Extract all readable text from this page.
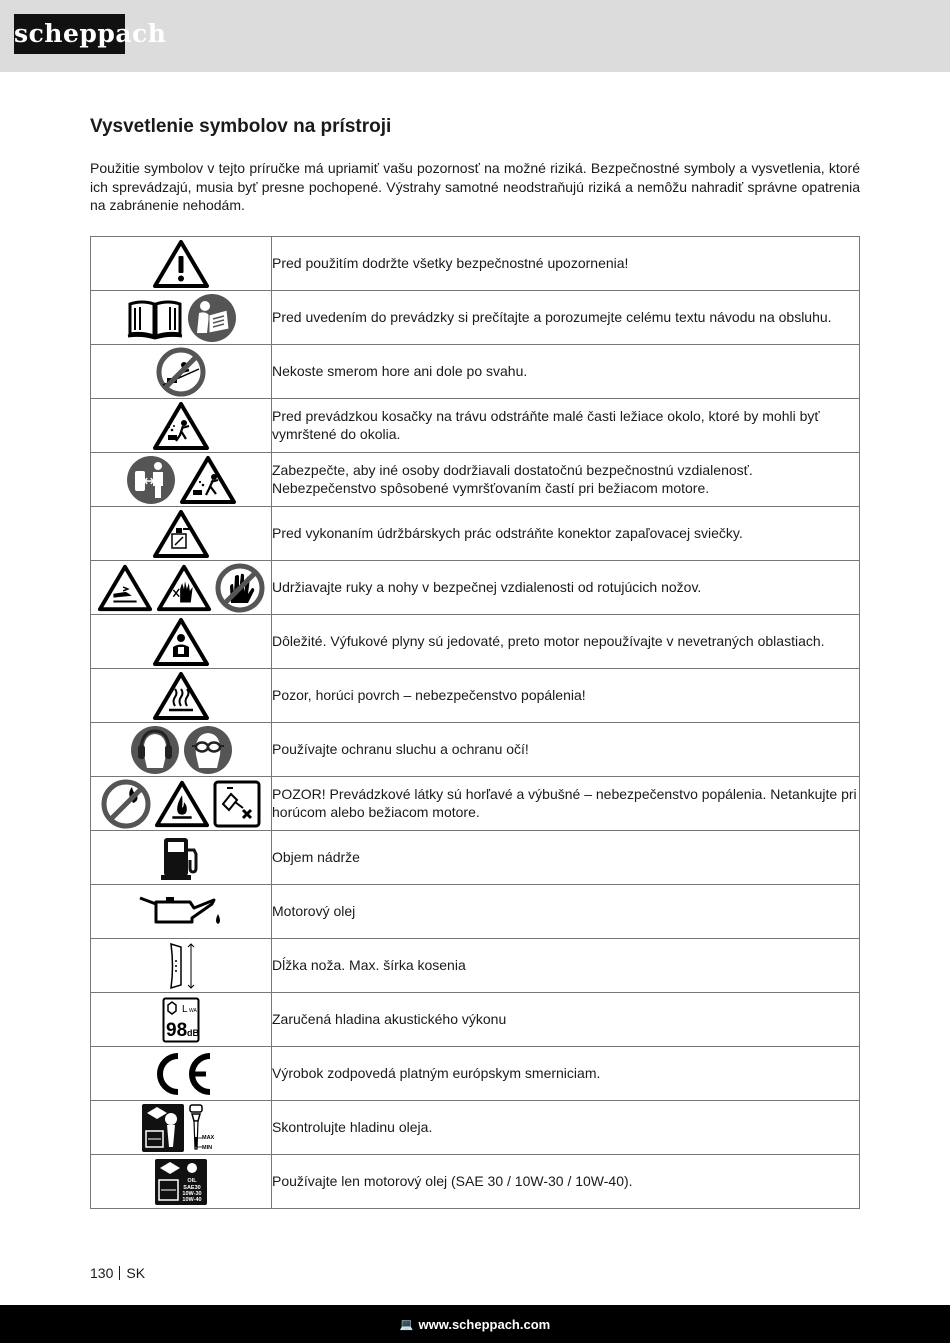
scheppach
Vysvetlenie symbolov na prístroji

Použitie symbolov v tejto príručke má upriamiť vašu pozornosť na možné riziká. Bezpečnostné symboly a vysvetlenia, ktoré ich sprevádzajú, musia byť presne pochopené. Výstrahy samotné neodstraňujú riziká a nemôžu nahradiť správne opatrenia na zabránenie nehodám.

	Pred použitím dodržte všetky bezpečnostné upozornenia!

	Pred uvedením do prevádzky si prečítajte a porozumejte celému textu návodu na obsluhu.

	Nekoste smerom hore ani dole po svahu.

	Pred prevádzkou kosačky na trávu odstráňte malé časti ležiace okolo, ktoré by mohli byť vymrštené do okolia.

	Zabezpečte, aby iné osoby dodržiavali dostatočnú bezpečnostnú vzdialenosť. Nebezpečenstvo spôsobené vymršťovaním častí pri bežiacom motore.

	Pred vykonaním údržbárskych prác odstráňte konektor zapaľovacej sviečky.

	Udržiavajte ruky a nohy v bezpečnej vzdialenosti od rotujúcich nožov.

	Dôležité. Výfukové plyny sú jedovaté, preto motor nepoužívajte v nevetraných oblastiach.

	Pozor, horúci povrch – nebezpečenstvo popálenia!

	Používajte ochranu sluchu a ochranu očí!

	POZOR! Prevádzkové látky sú horľavé a výbušné – nebezpečenstvo popálenia. Netankujte pri horúcom alebo bežiacom motore.

	Objem nádrže

	Motorový olej

	Dĺžka noža. Max. šírka kosenia

L WA
98 dB	Zaručená hladina akustického výkonu

	Výrobok zodpovedá platným európskym smerniciam.

MAX
MIN	Skontrolujte hladinu oleja.

OIL
SAE30
10W-30
10W-40	Používajte len motorový olej (SAE 30 / 10W-30 / 10W-40).
130 SK
💻 www.scheppach.com
